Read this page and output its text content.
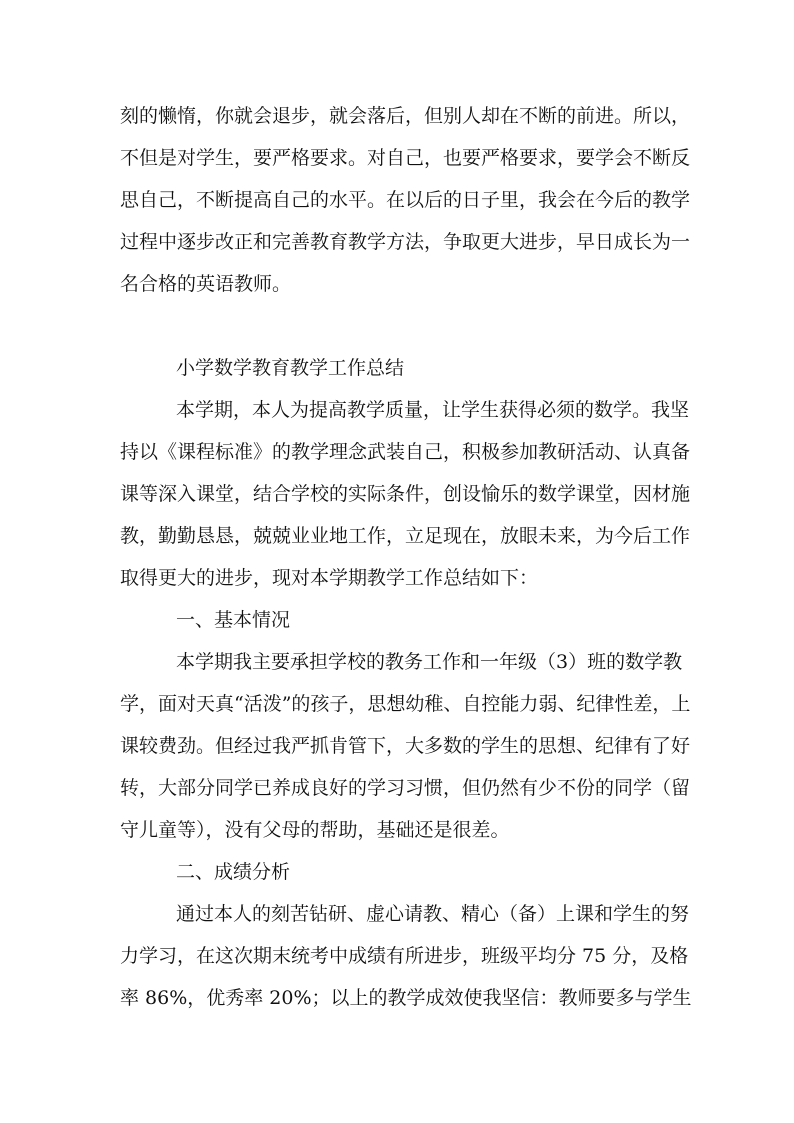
刻的懒惰，你就会退步，就会落后，但别人却在不断的前进。所以，
不但是对学生，要严格要求。对自己，也要严格要求，要学会不断反
思自己，不断提高自己的水平。在以后的日子里，我会在今后的教学
过程中逐步改正和完善教育教学方法，争取更大进步，早日成长为一
名合格的英语教师。
小学数学教育教学工作总结
本学期，本人为提高教学质量，让学生获得必须的数学。我坚
持以《课程标准》的教学理念武装自己，积极参加教研活动、认真备
课等深入课堂，结合学校的实际条件，创设愉乐的数学课堂，因材施
教，勤勤恳恳，兢兢业业地工作，立足现在，放眼未来，为今后工作
取得更大的进步，现对本学期教学工作总结如下：
一、基本情况
本学期我主要承担学校的教务工作和一年级（3）班的数学教
学，面对天真“活泼”的孩子，思想幼稚、自控能力弱、纪律性差，上
课较费劲。但经过我严抓肯管下，大多数的学生的思想、纪律有了好
转，大部分同学已养成良好的学习习惯，但仍然有少不份的同学（留
守儿童等），没有父母的帮助，基础还是很差。
二、成绩分析
通过本人的刻苦钻研、虚心请教、精心（备）上课和学生的努
力学习，在这次期末统考中成绩有所进步，班级平均分 75 分，及格
率 86%，优秀率 20%；以上的教学成效使我坚信：教师要多与学生
